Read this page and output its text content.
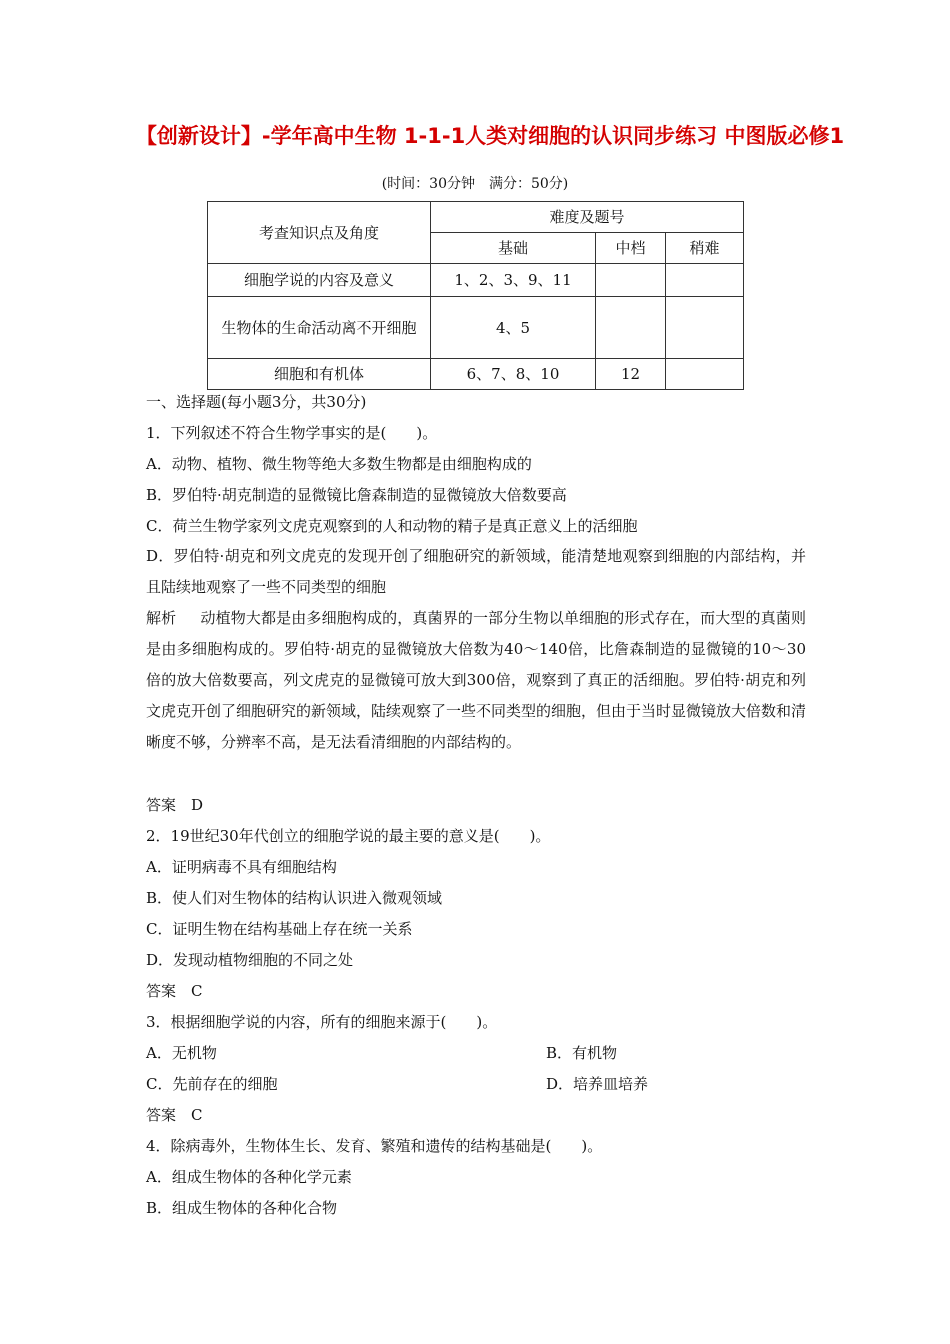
【创新设计】-学年高中生物 1-1-1人类对细胞的认识同步练习 中图版必修1
(时间：30分钟　满分：50分)
考查知识点及角度	难度及题号		
	基础	中档	稍难
细胞学说的内容及意义	1、2、3、9、11		
生物体的生命活动离不开细胞	4、5		
细胞和有机体	6、7、8、10	12	
一、选择题(每小题3分，共30分)
1．下列叙述不符合生物学事实的是(　　)。
A．动物、植物、微生物等绝大多数生物都是由细胞构成的
B．罗伯特·胡克制造的显微镜比詹森制造的显微镜放大倍数要高
C．荷兰生物学家列文虎克观察到的人和动物的精子是真正意义上的活细胞
D．罗伯特·胡克和列文虎克的发现开创了细胞研究的新领域，能清楚地观察到细胞的内部结构，并且陆续地观察了一些不同类型的细胞
解析 动植物大都是由多细胞构成的，真菌界的一部分生物以单细胞的形式存在，而大型的真菌则是由多细胞构成的。罗伯特·胡克的显微镜放大倍数为40～140倍，比詹森制造的显微镜的10～30倍的放大倍数要高，列文虎克的显微镜可放大到300倍，观察到了真正的活细胞。罗伯特·胡克和列文虎克开创了细胞研究的新领域，陆续观察了一些不同类型的细胞，但由于当时显微镜放大倍数和清晰度不够，分辨率不高，是无法看清细胞的内部结构的。
答案　D
2．19世纪30年代创立的细胞学说的最主要的意义是(　　)。
A．证明病毒不具有细胞结构
B．使人们对生物体的结构认识进入微观领域
C．证明生物在结构基础上存在统一关系
D．发现动植物细胞的不同之处
答案　C
3．根据细胞学说的内容，所有的细胞来源于(　　)。
A．无机物	B．有机物
C．先前存在的细胞	D．培养皿培养
答案　C
4．除病毒外，生物体生长、发育、繁殖和遗传的结构基础是(　　)。
A．组成生物体的各种化学元素
B．组成生物体的各种化合物
